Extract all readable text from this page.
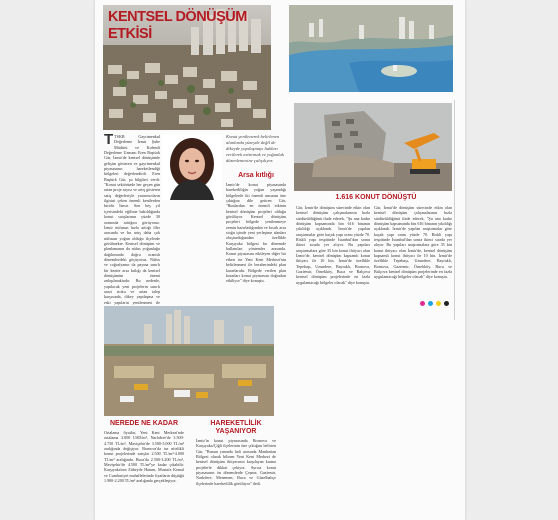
KENTSEL DÖNÜŞÜM
ETKİSİ
T TSKB Gayrimenkul Değerleme İzmir Şube Müdürü ve Kıdemli Değerleme Uzmanı Eren Baştürk Gür, İzmir'de kentsel dönüşümle gelişim gösteren ve gayrimenkul piyasasının hareketlendiği bölgeleri değerlendirdi. Eren Baştürk Gür, şu bilgileri verdi: "Konut sektöründe her geçen gün artan proje sayısı ve artış gösteren satış değerleriyle yatırımcıların ilgisini çeken önemli kentlerden biridir İzmir. Son beş yıl içerisindeki eğilime bakıldığında konut satışlarının yüzde 30 oranında arttığını görüyoruz. İzmir nüfusun hızla arttığı iller arasında ve bu artış daha çok nüfusun yoğun olduğu ilçelerde görülmekte. Kentsel dönüşüm ve planlamanın da nüfus yoğunluğu dağılımında doğru orantılı dönemlerdeki göçüyoruz. Nüfus ve coğrafyanın da payına sınırlı bir kentte arsa kıtlığı da kentsel dönüşümün önemi anlaşılmaktadır. Bu nedenle, yapılacak yeni projelerin sınırlı arazi stoku ve artan talep karşısında, dikey yapılaşma ve eski yapıların yenilenmesi ile
Konut yenilenerek belirlenen alanlarda yüzeyde değil de dikeyde yapılaşmayı hakları verilerek arttırmak ve yoğunluk düzenlemesine çalışılıyor.
Arsa kıtlığı
İzmir'de konut piyasasında hareketliliğin yoğun yaşandığı bölgelerde iki önemli unsurun öne çıktığını dile getiren Gür, "Bunlardan en önemli etkinin kentsel dönüşüm projeleri olduğu görülüyor. Kentsel dönüşüm projeleri bölgede yenilenmeye zemin hazırladığından ve kısıtlı arsa stoğu içinde yeni yerleşime alanları oluşturduğundan özellikle Karşıyaka bölgesi bu dönemde kullanılan yöntemler arasında. Konut piyasasını etkileyen diğer bir etken ise Yeni Kent Merkezi'nin belirlenmesi ile beraberindeki plan kararlarıdır. Bölgede verilen plan kararları konut piyasasını doğrudan etkiliyor" diye konuştu.
1.616 KONUT DÖNÜŞTÜ
Gür, İzmir'de dönüşüm sürecinde etkin olan kentsel dönüşüm çalışmalarının hızla sürdürüldüğünü ifade ederek, "Şu ana kadar dönüşüm kapsamında bin 616 binanın yıkıldığı açıklandı. İzmir'de yapılan araştırmalar göre kaçak yapı oranı yüzde 70. Riskli yapı tespitinde İstanbul'dan sonra ikinci sırada yer alıyor. Bu yapıları araştırmalara göre 35 bin konut ihtiyacı olan İzmir'de, kentsel dönüşüm kapsamlı konut ihtiyacı ile 10 bin. İzmir'de özellikle Tepebaşı, Uzundere, Bayraklı, Bornova, Gaziemir, Örnekköy, Buca ve Balçova kentsel dönüşüm projelerinde en fazla uygulamacağı bölgeler olacak" diye konuştu.
Gür, İzmir'de dönüşüm sürecinde etkin olan kentsel dönüşüm çalışmalarının hızla sürdürüldüğünü ifade ederek, "Şu ana kadar dönüşüm kapsamında bin 616 binanın yıkıldığı açıklandı. İzmir'de yapılan araştırmalar göre kaçak yapı oranı yüzde 70. Riskli yapı tespitinde İstanbul'dan sonra ikinci sırada yer alıyor. Bu yapıları araştırmalara göre 35 bin konut ihtiyacı olan İzmir'de, kentsel dönüşüm kapsamlı konut ihtiyacı ile 10 bin. İzmir'de özellikle Tepebaşı, Uzundere, Bayraklı, Bornova, Gaziemir, Örnekköy, Buca ve Balçova kentsel dönüşüm projelerinde en fazla uygulamacağı bölgeler olacak" diye konuştu.
NEREDE NE KADAR
Ortalama fiyatlar, Yeni Kent Merkezi'nde ortalama 3.000 USD/m², Narlıdere'de 3.500-4.750 TL/m², Mavişehir'de 3.500-5.000 TL/m² aralığında değişiyor. Bornova'da ise nitelikli konut projelerinde satışlar 2.500 TL/m²-4.000 TL/m² aralığında. Buca'da 2.500-3.200 TL/m², Mavişehir'de 4.500 TL/m²'ye kadar çıkabilir. Karşıyaka'nın Zübeyde Hanım, Mustafa Kemal ve Cumhuriyet mahallelerinde fiyatların düştüğü 1.900-2.200 TL/m² aralığında gerçekleşiyor.
HAREKETLİLİK
YAŞANIYOR
İzmir'in konut piyasasında Bornova ve Karşıyaka/Çiğli ilçelerinin öne çıktığını belirten Gür, "Bunun yanında hali arasında Manhattan Bölgesi olarak bilinen Yeni Kent Merkezi de kentsel dönüşüm ihtiyacının karşılayan karma projelerle dikkat çekiyor. Ayrıca konut piyasasının ön dönemlerde Çeşme, Gaziemir, Narlıdere, Menemen, Buca ve Güzelbahçe ilçelerinde hareketlilik görülüyor" dedi.
